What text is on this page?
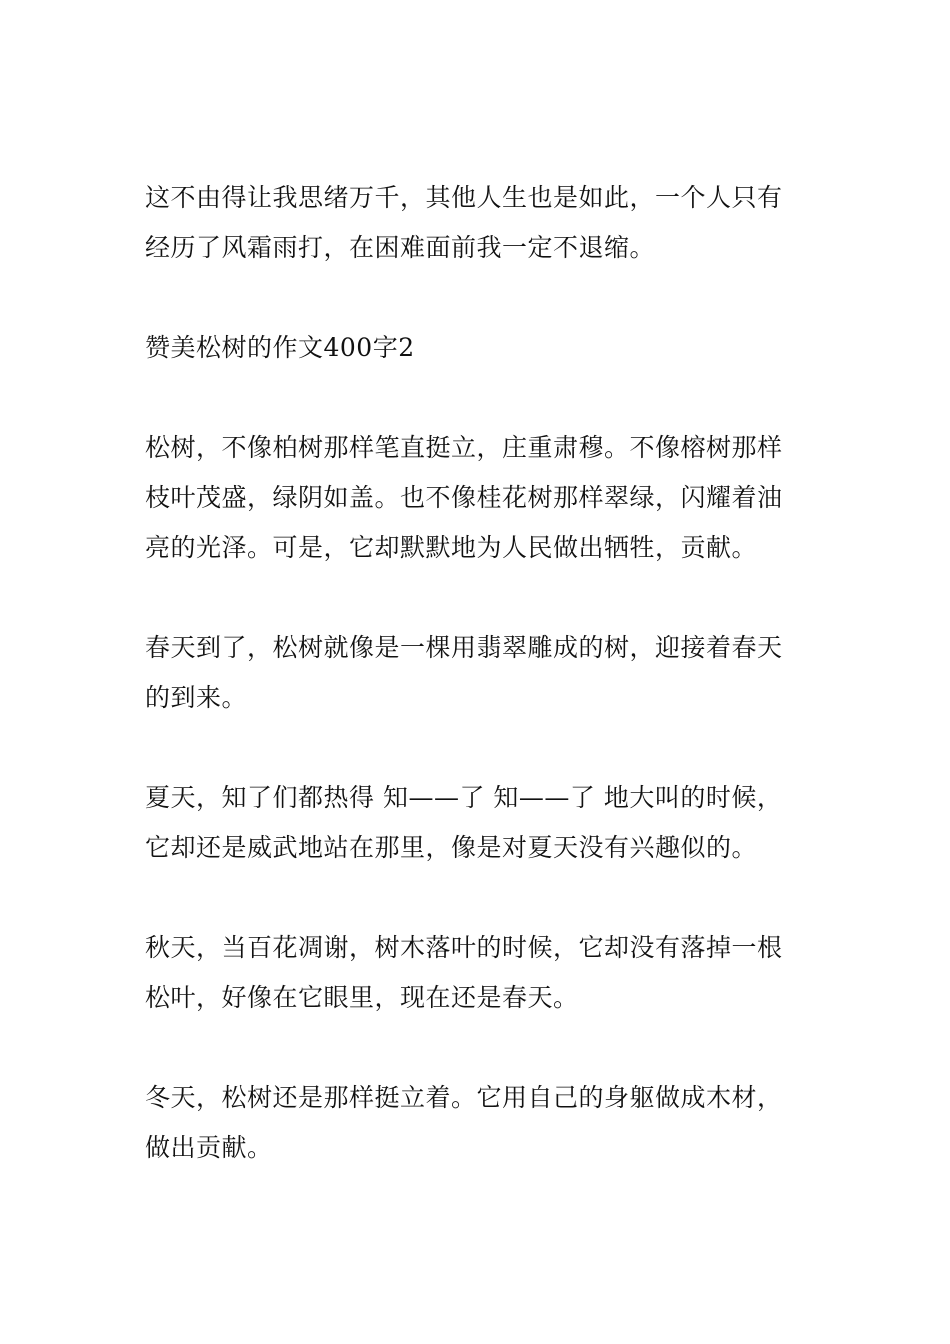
这不由得让我思绪万千，其他人生也是如此，一个人只有
经历了风霜雨打，在困难面前我一定不退缩。
赞美松树的作文400字2
松树，不像柏树那样笔直挺立，庄重肃穆。不像榕树那样
枝叶茂盛，绿阴如盖。也不像桂花树那样翠绿，闪耀着油
亮的光泽。可是，它却默默地为人民做出牺牲，贡献。
春天到了，松树就像是一棵用翡翠雕成的树，迎接着春天
的到来。
夏天，知了们都热得 知——了 知——了 地大叫的时候，
它却还是威武地站在那里，像是对夏天没有兴趣似的。
秋天，当百花凋谢，树木落叶的时候，它却没有落掉一根
松叶，好像在它眼里，现在还是春天。
冬天，松树还是那样挺立着。它用自己的身躯做成木材，
做出贡献。
